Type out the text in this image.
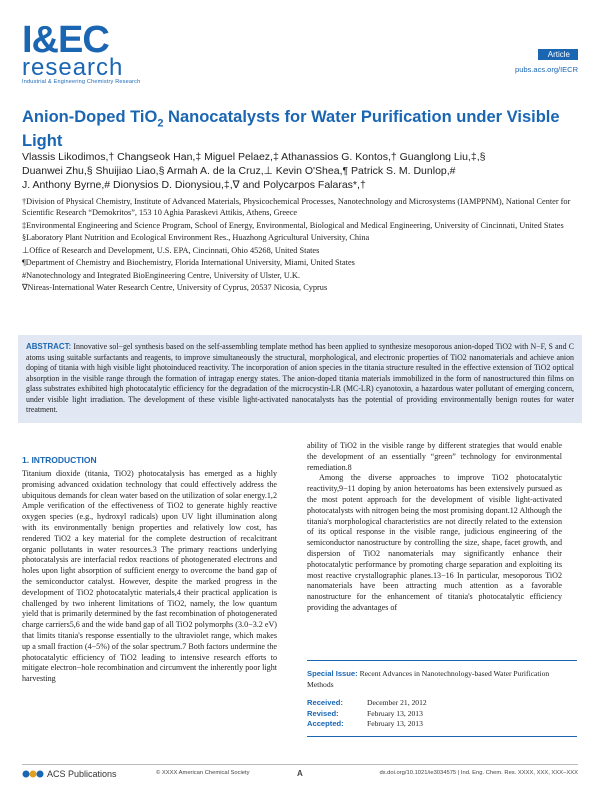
I&EC
research
Industrial & Engineering Chemistry Research
Article
pubs.acs.org/IECR
Anion-Doped TiO$_2$ Nanocatalysts for Water Purification under Visible Light
Vlassis Likodimos,† Changseok Han,‡ Miguel Pelaez,‡ Athanassios G. Kontos,† Guanglong Liu,‡,§
Duanwei Zhu,§ Shuijiao Liao,§ Armah A. de la Cruz,⊥ Kevin O'Shea,¶ Patrick S. M. Dunlop,#
J. Anthony Byrne,# Dionysios D. Dionysiou,‡,∇ and Polycarpos Falaras*,†

†Division of Physical Chemistry, Institute of Advanced Materials, Physicochemical Processes, Nanotechnology and Microsystems (IAMPPNM), National Center for Scientific Research “Demokritos”, 153 10 Aghia Paraskevi Attikis, Athens, Greece

‡Environmental Engineering and Science Program, School of Energy, Environmental, Biological and Medical Engineering, University of Cincinnati, United States

§Laboratory Plant Nutrition and Ecological Environment Res., Huazhong Agricultural University, China

⊥Office of Research and Development, U.S. EPA, Cincinnati, Ohio 45268, United States

¶Department of Chemistry and Biochemistry, Florida International University, Miami, United States

#Nanotechnology and Integrated BioEngineering Centre, University of Ulster, U.K.

∇Nireas-International Water Research Centre, University of Cyprus, 20537 Nicosia, Cyprus

ABSTRACT: Innovative sol−gel synthesis based on the self-assembling template method has been applied to synthesize mesoporous anion-doped TiO2 with N−F, S and C atoms using suitable surfactants and reagents, to improve simultaneously the structural, morphological, and electronic properties of TiO2 nanomaterials and achieve anion doping of titania with high visible light photoinduced reactivity. The incorporation of anion species in the titania structure resulted in the effective extension of TiO2 optical absorption in the visible range through the formation of intragap energy states. The anion-doped titania materials immobilized in the form of nanostructured thin films on glass substrates exhibited high photocatalytic efficiency for the degradation of the microcystin-LR (MC-LR) cyanotoxin, a hazardous water pollutant of emerging concern, under visible light irradiation. The development of these visible light-activated nanocatalysts has the potential of providing environmentally benign routes for water treatment.
1. INTRODUCTION

Titanium dioxide (titania, TiO2) photocatalysis has emerged as a highly promising advanced oxidation technology that could effectively address the ubiquitous demands for clean water based on the utilization of solar energy.1,2 Ample verification of the effectiveness of TiO2 to generate highly reactive oxygen species (e.g., hydroxyl radicals) upon UV light illumination along with its environmentally benign properties and relatively low cost, has rendered TiO2 a key material for the complete destruction of recalcitrant organic pollutants in water resources.3 The primary reactions underlying photocatalysis are interfacial redox reactions of photogenerated electrons and holes upon light absorption of sufficient energy to overcome the band gap of the semiconductor catalyst. However, despite the marked progress in the development of TiO2 photocatalytic materials,4 their practical application is challenged by two inherent limitations of TiO2, namely, the low quantum yield that is primarily determined by the fast recombination of photogenerated charge carriers5,6 and the wide band gap of all TiO2 polymorphs (3.0−3.2 eV) that limits titania's response essentially to the ultraviolet range, which makes up a small fraction (4−5%) of the solar spectrum.7 Both factors undermine the photocatalytic efficiency of TiO2 leading to intensive research efforts to mitigate electron−hole recombination and circumvent the inherently poor light harvesting

ability of TiO2 in the visible range by different strategies that would enable the development of an essentially “green” technology for environmental remediation.8

Among the diverse approaches to improve TiO2 photocatalytic reactivity,9−11 doping by anion heteroatoms has been extensively pursued as the most potent approach for the development of visible light-activated photocatalysts with nitrogen being the most promising dopant.12 Although the titania's morphological characteristics are not directly related to the extension of its optical response in the visible range, judicious engineering of the semiconductor nanostructure by controlling the size, shape, facet growth, and dispersion of TiO2 nanomaterials may significantly enhance their photocatalytic performance by promoting charge separation and exploiting its most reactive crystallographic planes.13−16 In particular, mesoporous TiO2 nanomaterials have been attracting much attention as a favorable nanostructure for the enhancement of titania's photocatalytic efficiency providing the advantages of

Special Issue: Recent Advances in Nanotechnology-based Water Purification Methods
Received:	December 21, 2012
Revised:	February 13, 2013
Accepted:	February 13, 2013
ACS Publications	© XXXX American Chemical Society	A	dx.doi.org/10.1021/ie3034575 | Ind. Eng. Chem. Res. XXXX, XXX, XXX−XXX
